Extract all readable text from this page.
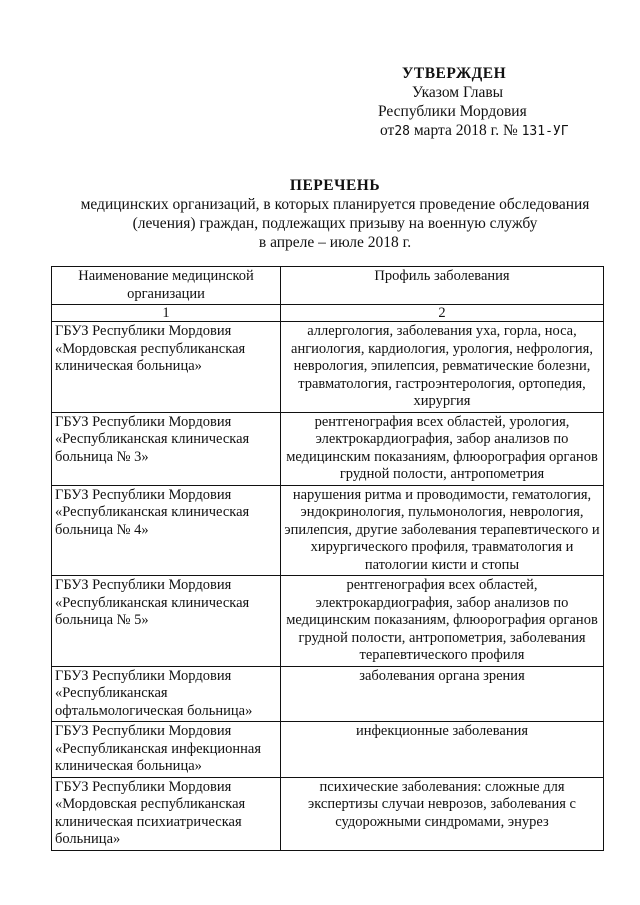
УТВЕРЖДЕН
Указом Главы
Республики Мордовия
от28 марта 2018 г. № 131-УГ
ПЕРЕЧЕНЬ
медицинских организаций, в которых планируется проведение обследования
(лечения) граждан, подлежащих призыву на военную службу
в апреле – июле 2018 г.
Наименование медицинской организации	Профиль заболевания
1	2
ГБУЗ Республики Мордовия «Мордовская республиканская клиническая больница»	аллергология, заболевания уха, горла, носа, ангиология, кардиология, урология, нефрология, неврология, эпилепсия, ревматические болезни, травматология, гастроэнтерология, ортопедия, хирургия
ГБУЗ Республики Мордовия «Республиканская клиническая больница № 3»	рентгенография всех областей, урология, электрокардиография, забор анализов по медицинским показаниям, флюорография органов грудной полости, антропометрия
ГБУЗ Республики Мордовия «Республиканская клиническая больница № 4»	нарушения ритма и проводимости, гематология, эндокринология, пульмонология, неврология, эпилепсия, другие заболевания терапевтического и хирургического профиля, травматология и патологии кисти и стопы
ГБУЗ Республики Мордовия «Республиканская клиническая больница № 5»	рентгенография всех областей, электрокардиография, забор анализов по медицинским показаниям, флюорография органов грудной полости, антропометрия, заболевания терапевтического профиля
ГБУЗ Республики Мордовия «Республиканская офтальмологическая больница»	заболевания органа зрения
ГБУЗ Республики Мордовия «Республиканская инфекционная клиническая больница»	инфекционные заболевания
ГБУЗ Республики Мордовия «Мордовская республиканская клиническая психиатрическая больница»	психические заболевания: сложные для экспертизы случаи неврозов, заболевания с судорожными синдромами, энурез
